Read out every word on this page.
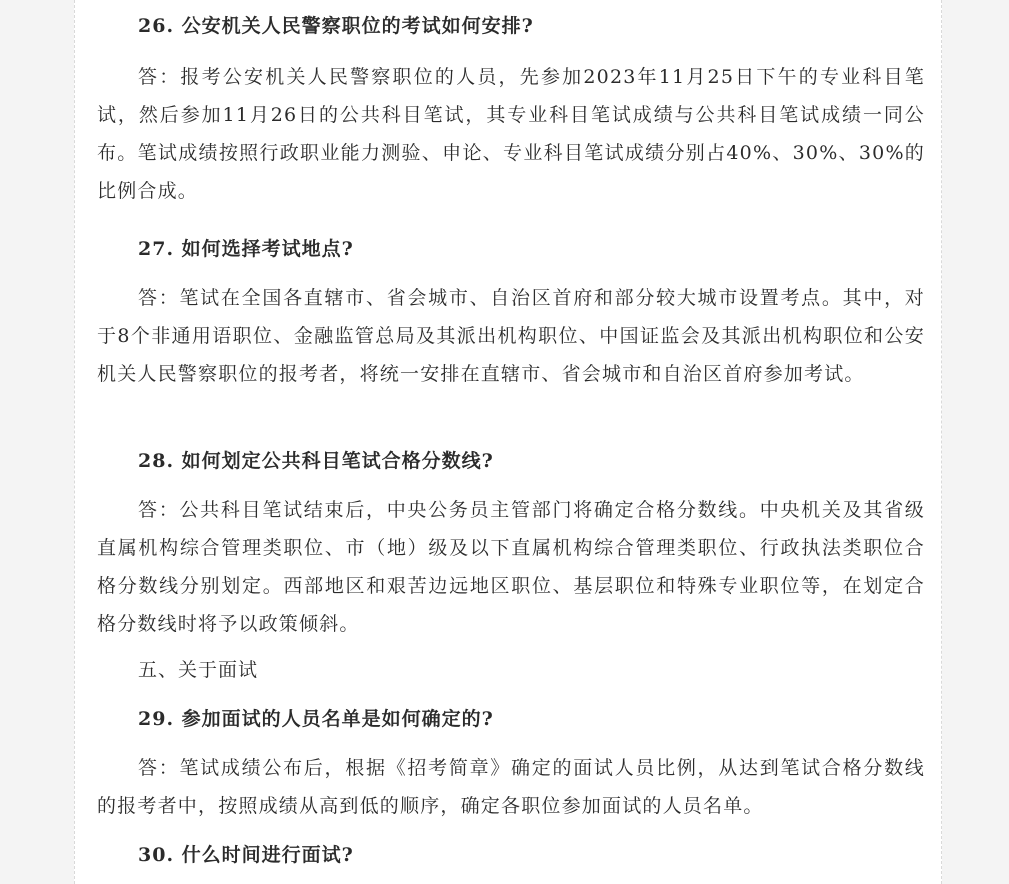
26. 公安机关人民警察职位的考试如何安排?

答：报考公安机关人民警察职位的人员，先参加2023年11月25日下午的专业科目笔试，然后参加11月26日的公共科目笔试，其专业科目笔试成绩与公共科目笔试成绩一同公布。笔试成绩按照行政职业能力测验、申论、专业科目笔试成绩分别占40%、30%、30%的比例合成。

27. 如何选择考试地点?

答：笔试在全国各直辖市、省会城市、自治区首府和部分较大城市设置考点。其中，对于8个非通用语职位、金融监管总局及其派出机构职位、中国证监会及其派出机构职位和公安机关人民警察职位的报考者，将统一安排在直辖市、省会城市和自治区首府参加考试。

28. 如何划定公共科目笔试合格分数线?

答：公共科目笔试结束后，中央公务员主管部门将确定合格分数线。中央机关及其省级直属机构综合管理类职位、市（地）级及以下直属机构综合管理类职位、行政执法类职位合格分数线分别划定。西部地区和艰苦边远地区职位、基层职位和特殊专业职位等，在划定合格分数线时将予以政策倾斜。

五、关于面试

29. 参加面试的人员名单是如何确定的?

答：笔试成绩公布后，根据《招考简章》确定的面试人员比例，从达到笔试合格分数线的报考者中，按照成绩从高到低的顺序，确定各职位参加面试的人员名单。

30. 什么时间进行面试?
